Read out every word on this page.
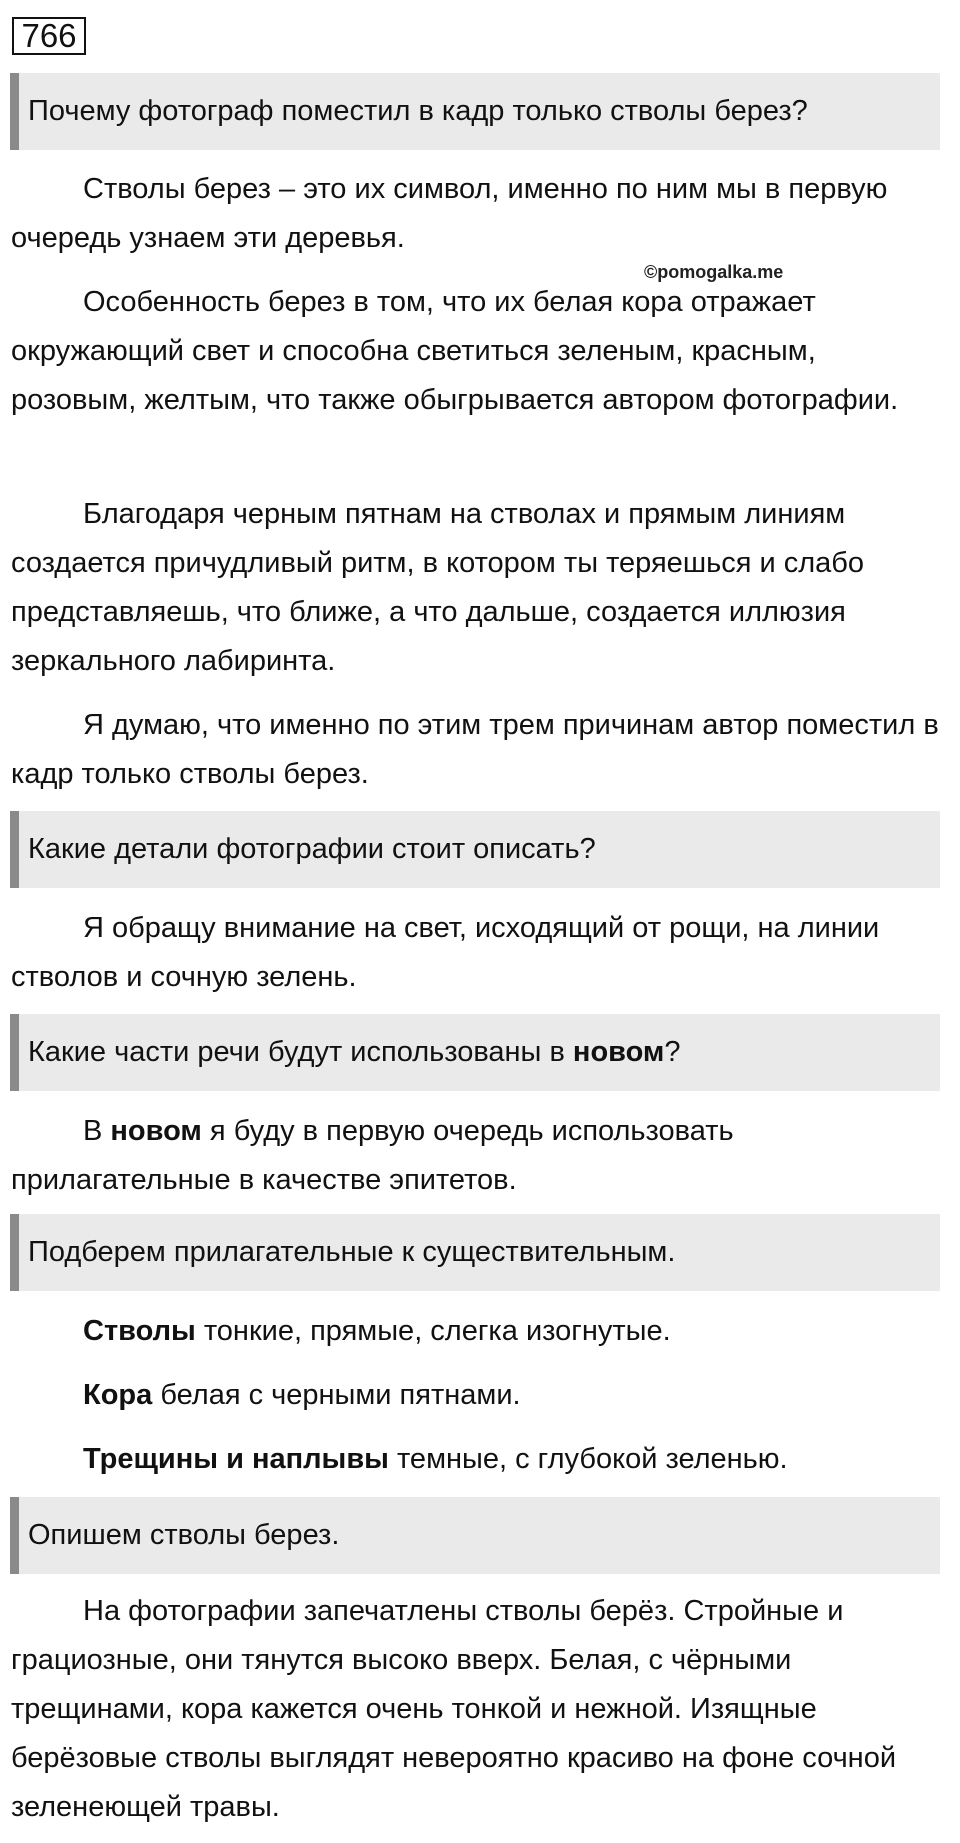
766
Почему фотограф поместил в кадр только стволы берез?

Стволы берез – это их символ, именно по ним мы в первую очередь узнаем эти деревья.

©pomogalka.me

Особенность берез в том, что их белая кора отражает окружающий свет и способна светиться зеленым, красным, розовым, желтым, что также обыгрывается автором фотографии.

Благодаря черным пятнам на стволах и прямым линиям создается причудливый ритм, в котором ты теряешься и слабо представляешь, что ближе, а что дальше, создается иллюзия зеркального лабиринта.

Я думаю, что именно по этим трем причинам автор поместил в кадр только стволы берез.

Какие детали фотографии стоит описать?

Я обращу внимание на свет, исходящий от рощи, на линии стволов и сочную зелень.

Какие части речи будут использованы в новом?

В новом я буду в первую очередь использовать прилагательные в качестве эпитетов.

Подберем прилагательные к существительным.
Стволы тонкие, прямые, слегка изогнутые.
Кора белая с черными пятнами.
Трещины и наплывы темные, с глубокой зеленью.
Опишем стволы берез.

На фотографии запечатлены стволы берёз. Стройные и грациозные, они тянутся высоко вверх. Белая, с чёрными трещинами, кора кажется очень тонкой и нежной. Изящные берёзовые стволы выглядят невероятно красиво на фоне сочной зеленеющей травы.
